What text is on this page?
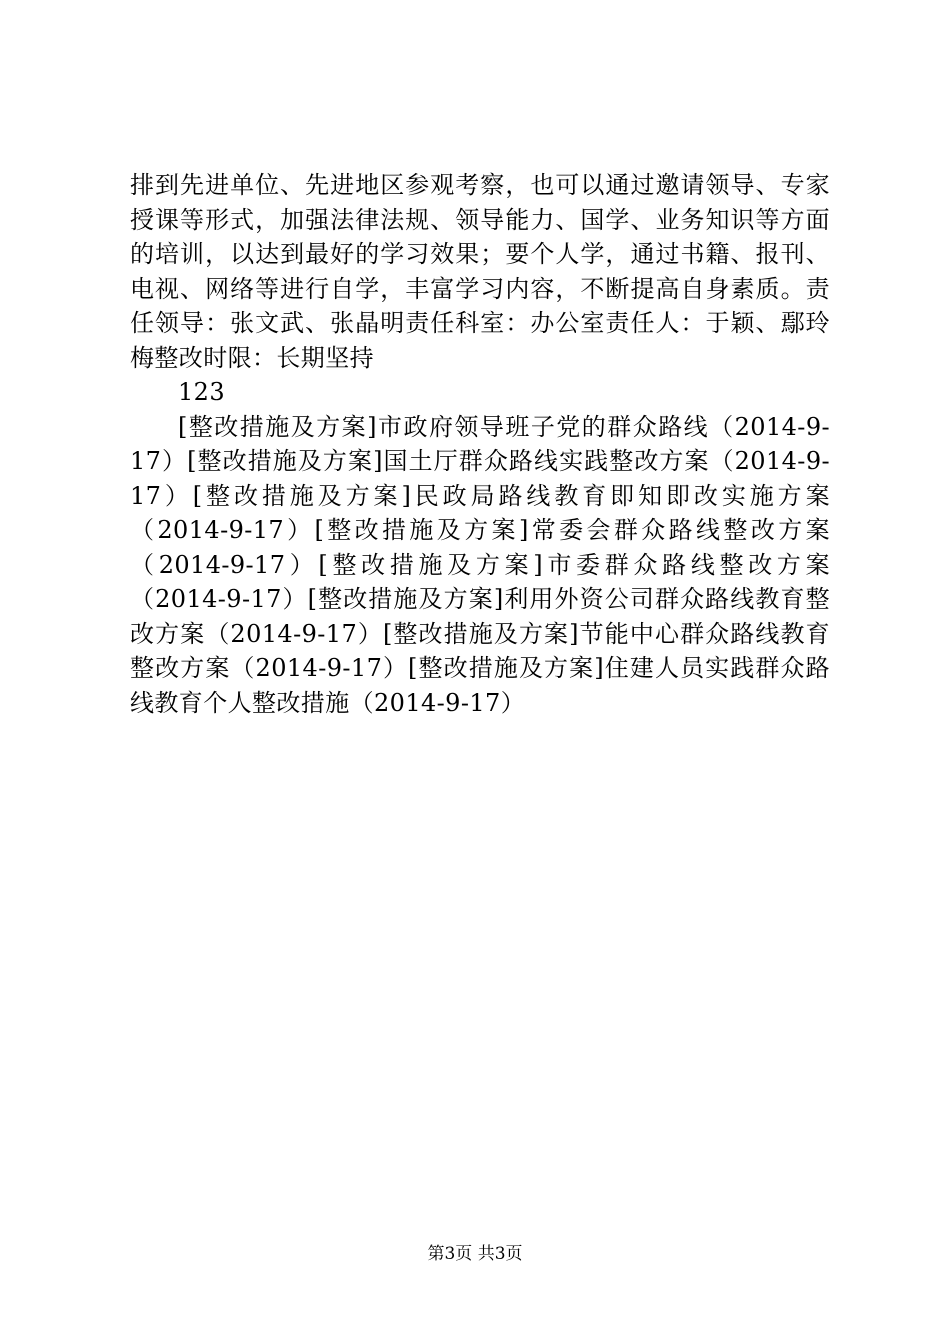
排到先进单位、先进地区参观考察，也可以通过邀请领导、专家授课等形式，加强法律法规、领导能力、国学、业务知识等方面的培训，以达到最好的学习效果；要个人学，通过书籍、报刊、电视、网络等进行自学，丰富学习内容，不断提高自身素质。责任领导：张文武、张晶明责任科室：办公室责任人：于颖、鄢玲梅整改时限：长期坚持

123

[整改措施及方案]市政府领导班子党的群众路线（2014-9-17）[整改措施及方案]国土厅群众路线实践整改方案（2014-9-17）[整改措施及方案]民政局路线教育即知即改实施方案（2014-9-17）[整改措施及方案]常委会群众路线整改方案（2014-9-17）[整改措施及方案]市委群众路线整改方案（2014-9-17）[整改措施及方案]利用外资公司群众路线教育整改方案（2014-9-17）[整改措施及方案]节能中心群众路线教育整改方案（2014-9-17）[整改措施及方案]住建人员实践群众路线教育个人整改措施（2014-9-17）

第3页 共3页
